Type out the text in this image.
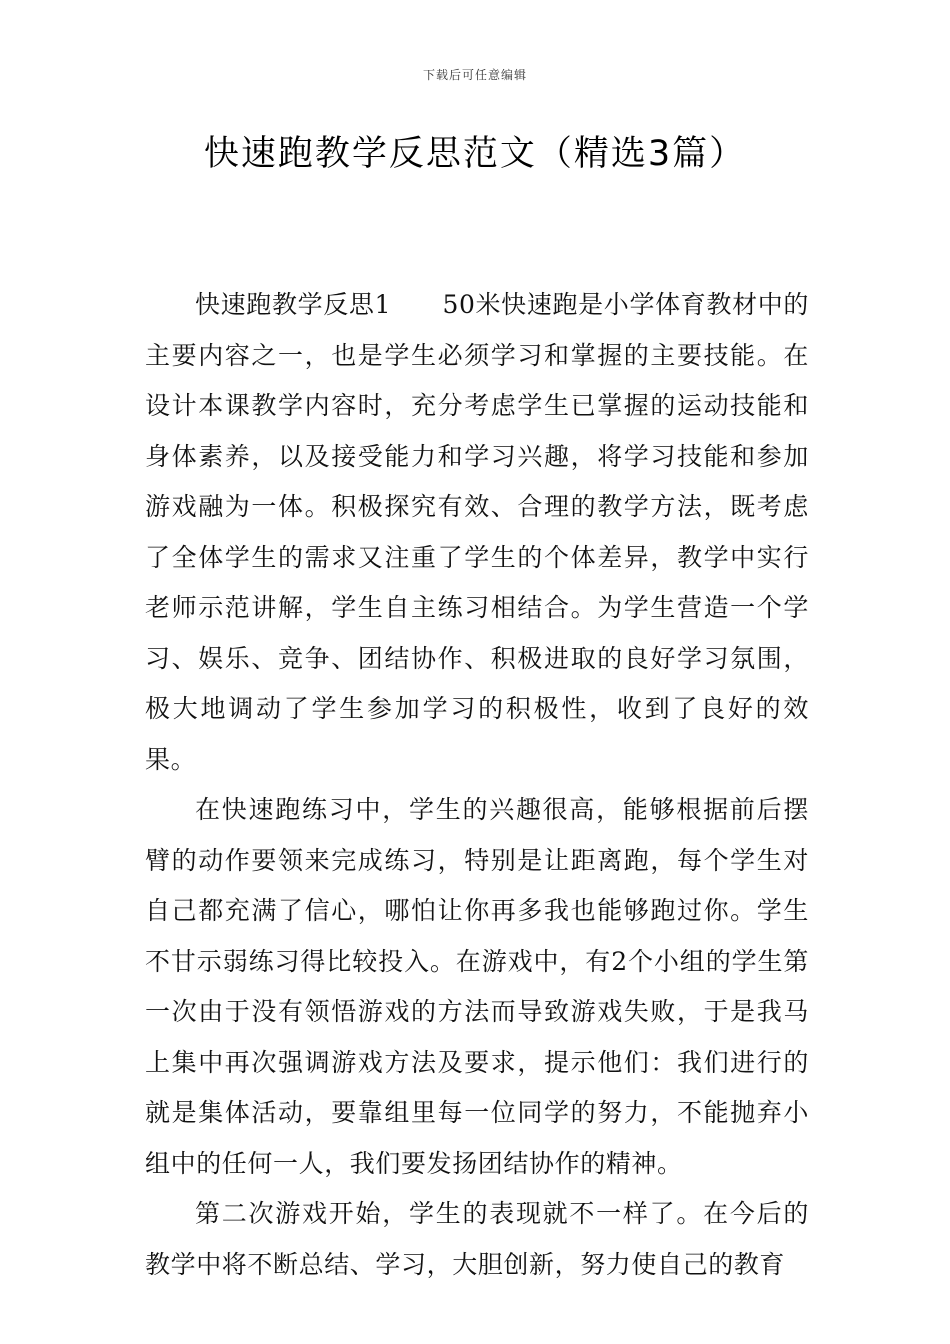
下载后可任意编辑
快速跑教学反思范文（精选3篇）

快速跑教学反思1　　50米快速跑是小学体育教材中的主要内容之一，也是学生必须学习和掌握的主要技能。在设计本课教学内容时，充分考虑学生已掌握的运动技能和身体素养，以及接受能力和学习兴趣，将学习技能和参加游戏融为一体。积极探究有效、合理的教学方法，既考虑了全体学生的需求又注重了学生的个体差异，教学中实行老师示范讲解，学生自主练习相结合。为学生营造一个学习、娱乐、竞争、团结协作、积极进取的良好学习氛围，极大地调动了学生参加学习的积极性，收到了良好的效果。

在快速跑练习中，学生的兴趣很高，能够根据前后摆臂的动作要领来完成练习，特别是让距离跑，每个学生对自己都充满了信心，哪怕让你再多我也能够跑过你。学生不甘示弱练习得比较投入。在游戏中，有2个小组的学生第一次由于没有领悟游戏的方法而导致游戏失败，于是我马上集中再次强调游戏方法及要求，提示他们：我们进行的就是集体活动，要靠组里每一位同学的努力，不能抛弃小组中的任何一人，我们要发扬团结协作的精神。

第二次游戏开始，学生的表现就不一样了。在今后的教学中将不断总结、学习，大胆创新，努力使自己的教育
